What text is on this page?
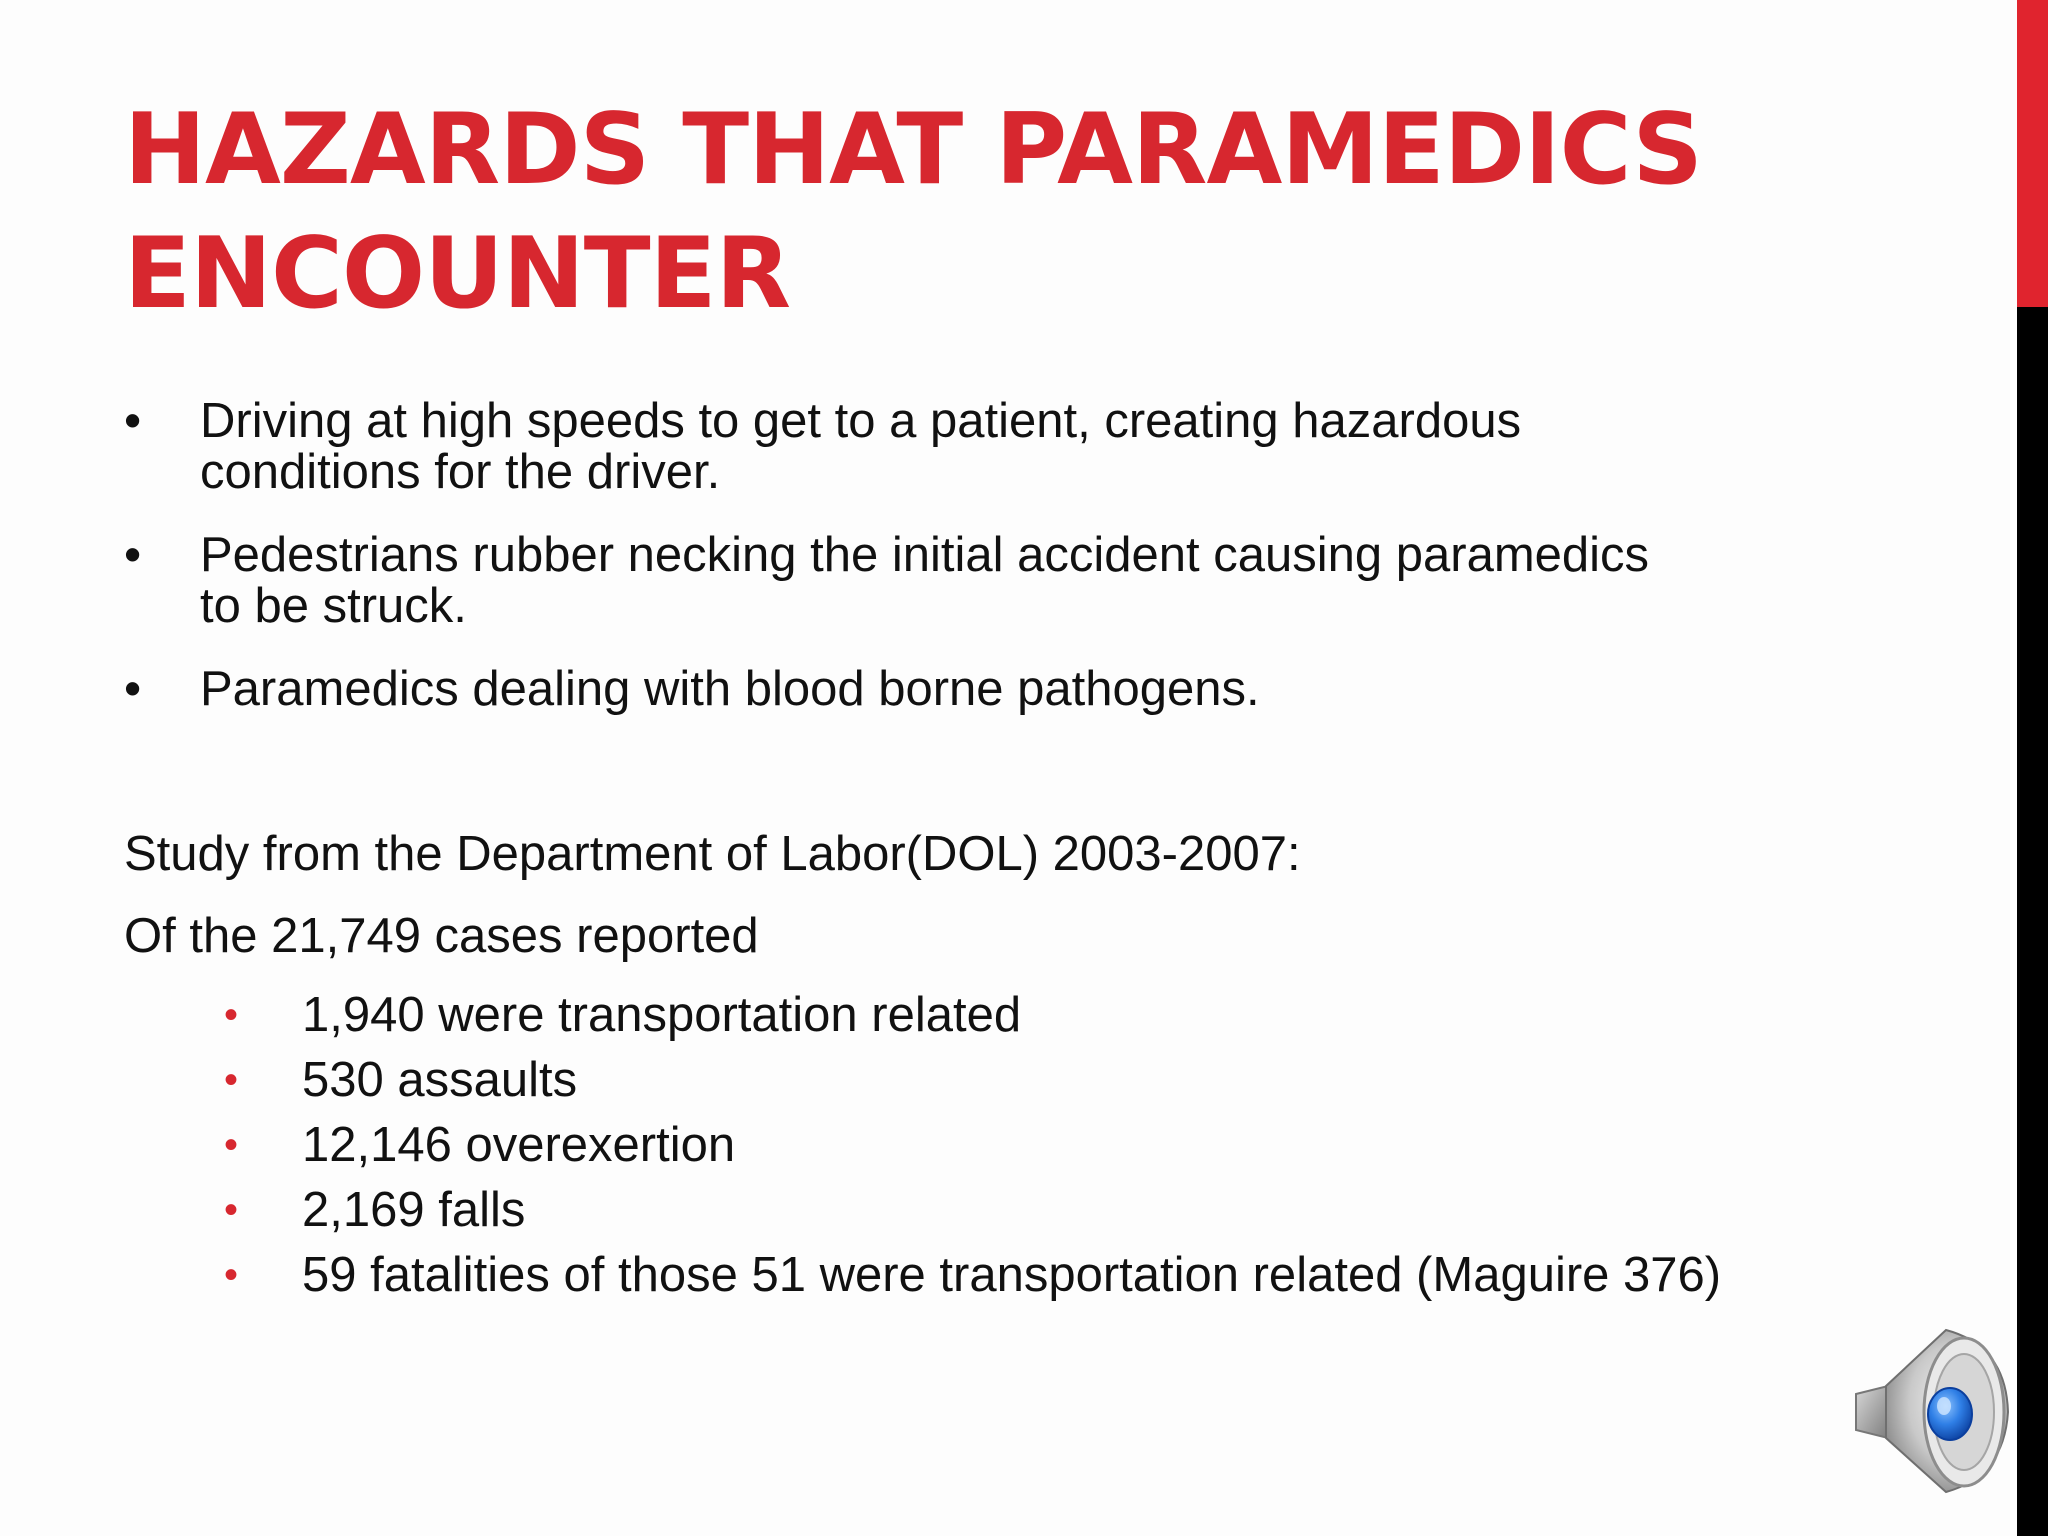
HAZARDS THAT PARAMEDICS ENCOUNTER
• Driving at high speeds to get to a patient, creating hazardous conditions for the driver.
• Pedestrians rubber necking the initial accident causing paramedics to be struck.
• Paramedics dealing with blood borne pathogens.

Study from the Department of Labor(DOL) 2003-2007:

Of the 21,749 cases reported

• 1,940 were transportation related
• 530 assaults
• 12,146 overexertion
• 2,169 falls
• 59 fatalities of those 51 were transportation related (Maguire 376)
